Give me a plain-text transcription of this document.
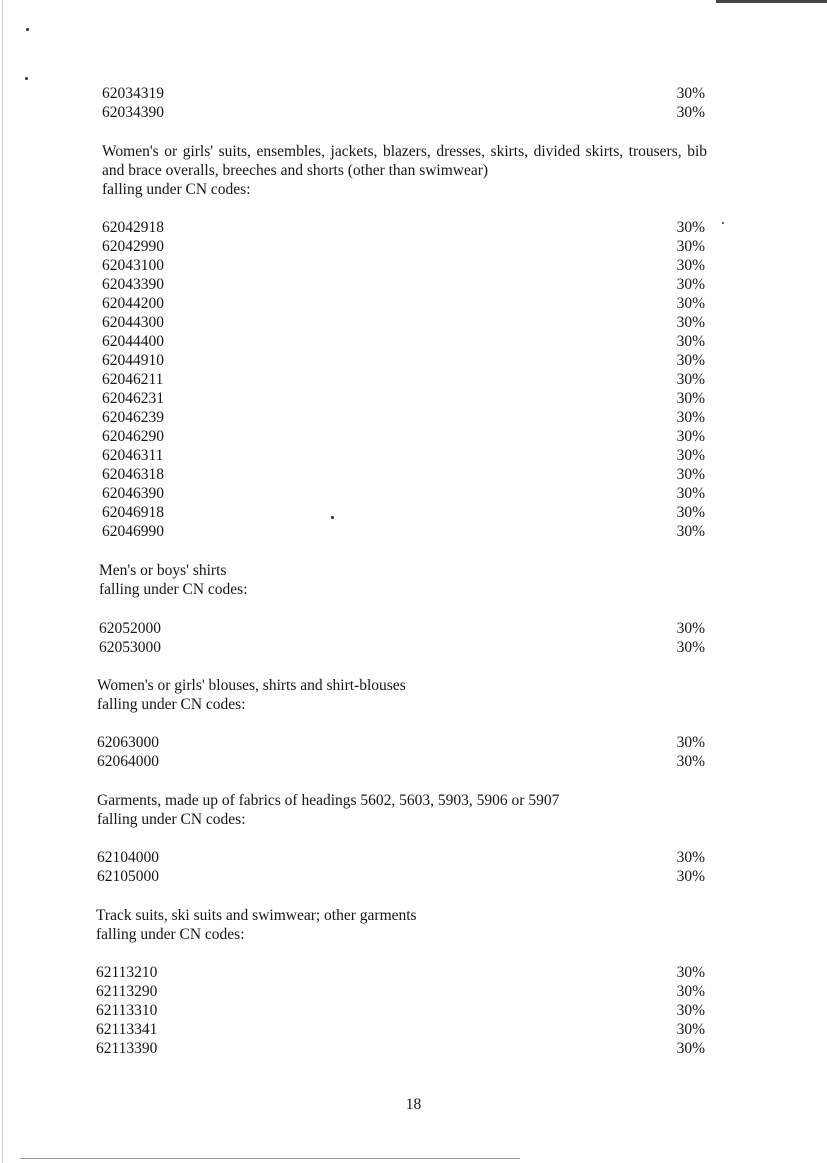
62034319	30%
62034390	30%
Women's or girls' suits, ensembles, jackets, blazers, dresses, skirts, divided skirts, trousers, bib and brace overalls, breeches and shorts (other than swimwear)
falling under CN codes:
62042918	30%
62042990	30%
62043100	30%
62043390	30%
62044200	30%
62044300	30%
62044400	30%
62044910	30%
62046211	30%
62046231	30%
62046239	30%
62046290	30%
62046311	30%
62046318	30%
62046390	30%
62046918	30%
62046990	30%
Men's or boys' shirts
falling under CN codes:
62052000	30%
62053000	30%
Women's or girls' blouses, shirts and shirt-blouses
falling under CN codes:
62063000	30%
62064000	30%
Garments, made up of fabrics of headings 5602, 5603, 5903, 5906 or 5907
falling under CN codes:
62104000	30%
62105000	30%
Track suits, ski suits and swimwear; other garments
falling under CN codes:
62113210	30%
62113290	30%
62113310	30%
62113341	30%
62113390	30%
18
